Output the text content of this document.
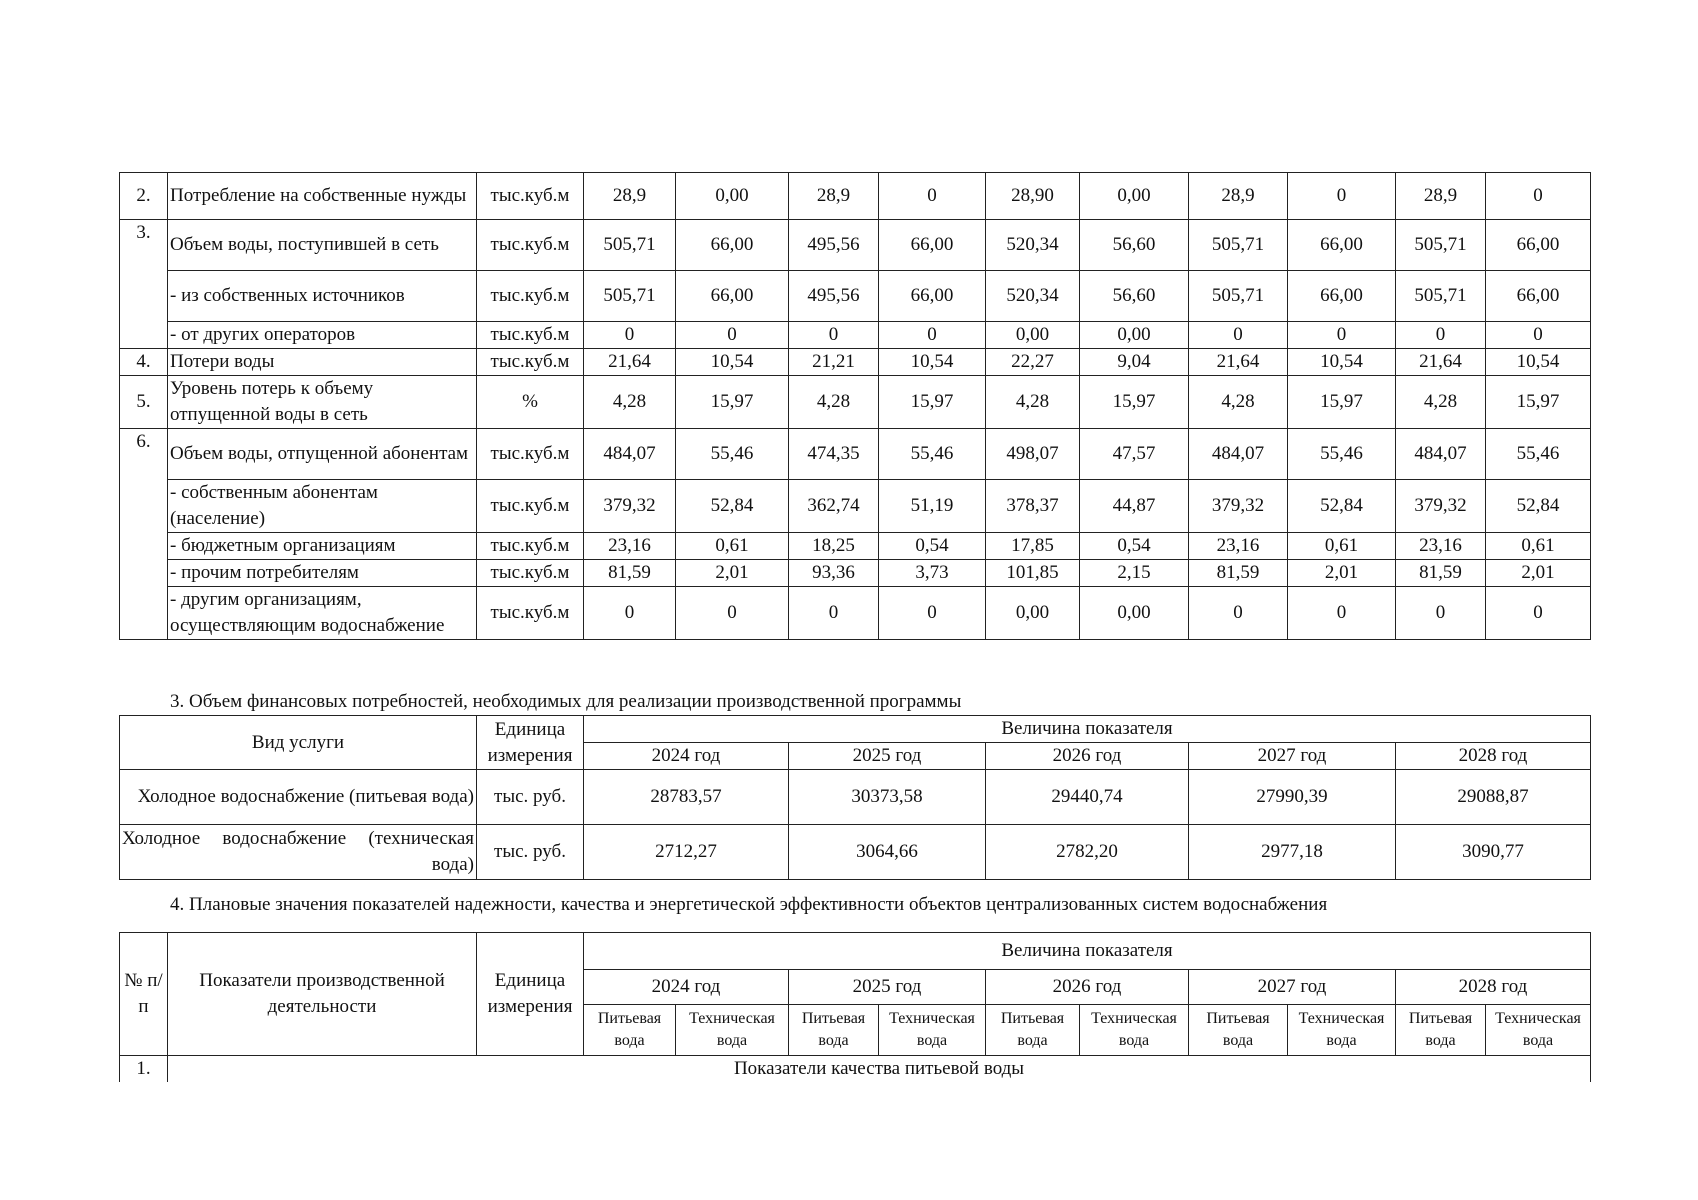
2.	Потребление на собственные нужды	тыс.куб.м	28,9	0,00	28,9	0	28,90	0,00	28,9	0	28,9	0
3.	Объем воды, поступившей в сеть	тыс.куб.м	505,71	66,00	495,56	66,00	520,34	56,60	505,71	66,00	505,71	66,00
	- из собственных источников	тыс.куб.м	505,71	66,00	495,56	66,00	520,34	56,60	505,71	66,00	505,71	66,00
	- от других операторов	тыс.куб.м	0	0	0	0	0,00	0,00	0	0	0	0
4.	Потери воды	тыс.куб.м	21,64	10,54	21,21	10,54	22,27	9,04	21,64	10,54	21,64	10,54
5.	Уровень потерь к объему отпущенной воды в сеть	%	4,28	15,97	4,28	15,97	4,28	15,97	4,28	15,97	4,28	15,97
6.	Объем воды, отпущенной абонентам	тыс.куб.м	484,07	55,46	474,35	55,46	498,07	47,57	484,07	55,46	484,07	55,46
	- собственным абонентам (население)	тыс.куб.м	379,32	52,84	362,74	51,19	378,37	44,87	379,32	52,84	379,32	52,84
	- бюджетным организациям	тыс.куб.м	23,16	0,61	18,25	0,54	17,85	0,54	23,16	0,61	23,16	0,61
	- прочим потребителям	тыс.куб.м	81,59	2,01	93,36	3,73	101,85	2,15	81,59	2,01	81,59	2,01
	- другим организациям, осуществляющим водоснабжение	тыс.куб.м	0	0	0	0	0,00	0,00	0	0	0	0
3. Объем финансовых потребностей, необходимых для реализации производственной программы
Вид услуги	Единица измерения	Величина показателя				
		2024 год	2025 год	2026 год	2027 год	2028 год
Холодное водоснабжение (питьевая вода)	тыс. руб.	28783,57	30373,58	29440,74	27990,39	29088,87
Холодное водоснабжение (техническая вода)	тыс. руб.	2712,27	3064,66	2782,20	2977,18	3090,77
4. Плановые значения показателей надежности, качества и энергетической эффективности объектов централизованных систем водоснабжения
№ п/п	Показатели производственной деятельности	Единица измерения	Величина показателя									
			2024 год		2025 год		2026 год		2027 год		2028 год	
			Питьевая вода	Техническая вода	Питьевая вода	Техническая вода	Питьевая вода	Техническая вода	Питьевая вода	Техническая вода	Питьевая вода	Техническая вода
1.	Показатели качества питьевой воды											
